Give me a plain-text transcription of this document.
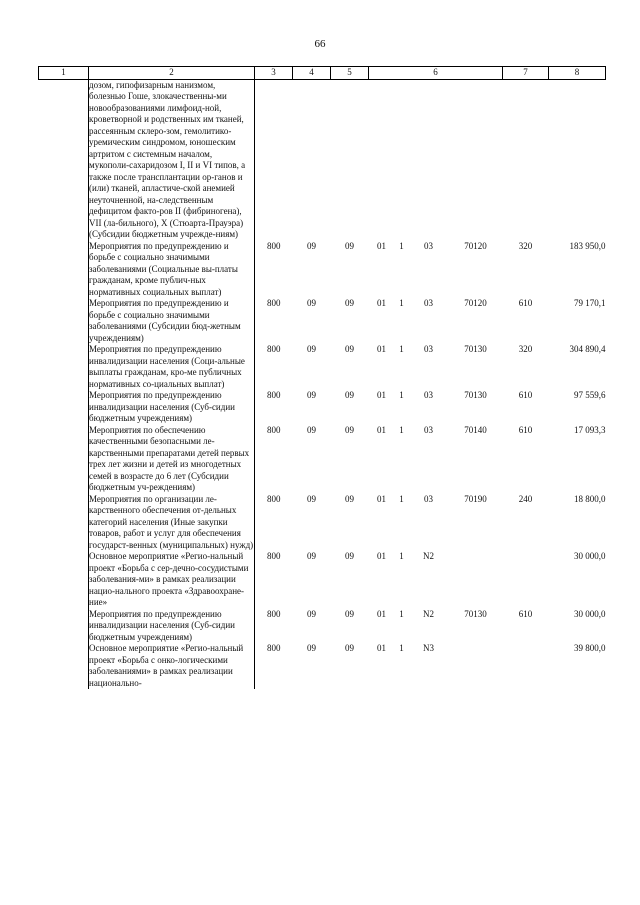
66
1	2	3	4	5	6				7	8
	дозом, гипофизарным нанизмом, болезнью Гоше, злокачественны-ми новообразованиями лимфоид-ной, кроветворной и родственных им тканей, рассеянным склеро-зом, гемолитико-уремическим синдромом, юношеским артритом с системным началом, мукополи-сахаридозом I, II и VI типов, а также после трансплантации ор-ганов и (или) тканей, апластиче-ской анемией неуточненной, на-следственным дефицитом факто-ров II (фибриногена), VII (ла-бильного), X (Стюарта-Прауэра) (Субсидии бюджетным учрежде-ниям)									
	Мероприятия по предупреждению и борьбе с социально значимыми заболеваниями (Социальные вы-платы гражданам, кроме публич-ных нормативных социальных выплат)	800	09	09	01	1	03	70120	320	183 950,0
	Мероприятия по предупреждению и борьбе с социально значимыми заболеваниями (Субсидии бюд-жетным учреждениям)	800	09	09	01	1	03	70120	610	79 170,1
	Мероприятия по предупреждению инвалидизации населения (Соци-альные выплаты гражданам, кро-ме публичных нормативных со-циальных выплат)	800	09	09	01	1	03	70130	320	304 890,4
	Мероприятия по предупреждению инвалидизации населения (Суб-сидии бюджетным учреждениям)	800	09	09	01	1	03	70130	610	97 559,6
	Мероприятия по обеспечению качественными безопасными ле-карственными препаратами детей первых трех лет жизни и детей из многодетных семей в возрасте до 6 лет (Субсидии бюджетным уч-реждениям)	800	09	09	01	1	03	70140	610	17 093,3
	Мероприятия по организации ле-карственного обеспечения от-дельных категорий населения (Иные закупки товаров, работ и услуг для обеспечения государст-венных (муниципальных) нужд)	800	09	09	01	1	03	70190	240	18 800,0
	Основное мероприятие «Регио-нальный проект «Борьба с сер-дечно-сосудистыми заболевания-ми» в рамках реализации нацио-нального проекта «Здравоохране-ние»	800	09	09	01	1	N2			30 000,0
	Мероприятия по предупреждению инвалидизации населения (Суб-сидии бюджетным учреждениям)	800	09	09	01	1	N2	70130	610	30 000,0
	Основное мероприятие «Регио-нальный проект «Борьба с онко-логическими заболеваниями» в рамках реализации национально-	800	09	09	01	1	N3			39 800,0
